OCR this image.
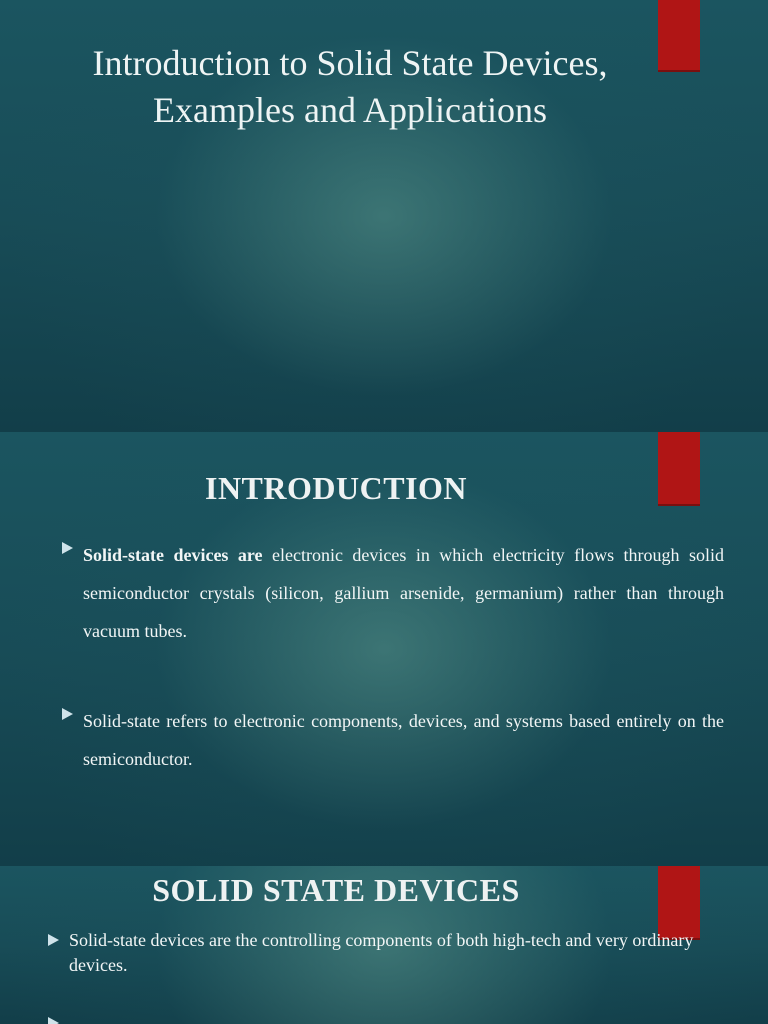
Introduction to Solid State Devices, Examples and Applications
INTRODUCTION
Solid-state devices are electronic devices in which electricity flows through solid semiconductor crystals (silicon, gallium arsenide, germanium) rather than through vacuum tubes.
Solid-state refers to electronic components, devices, and systems based entirely on the semiconductor.
SOLID STATE DEVICES
Solid-state devices are the controlling components of both high-tech and very ordinary devices.
